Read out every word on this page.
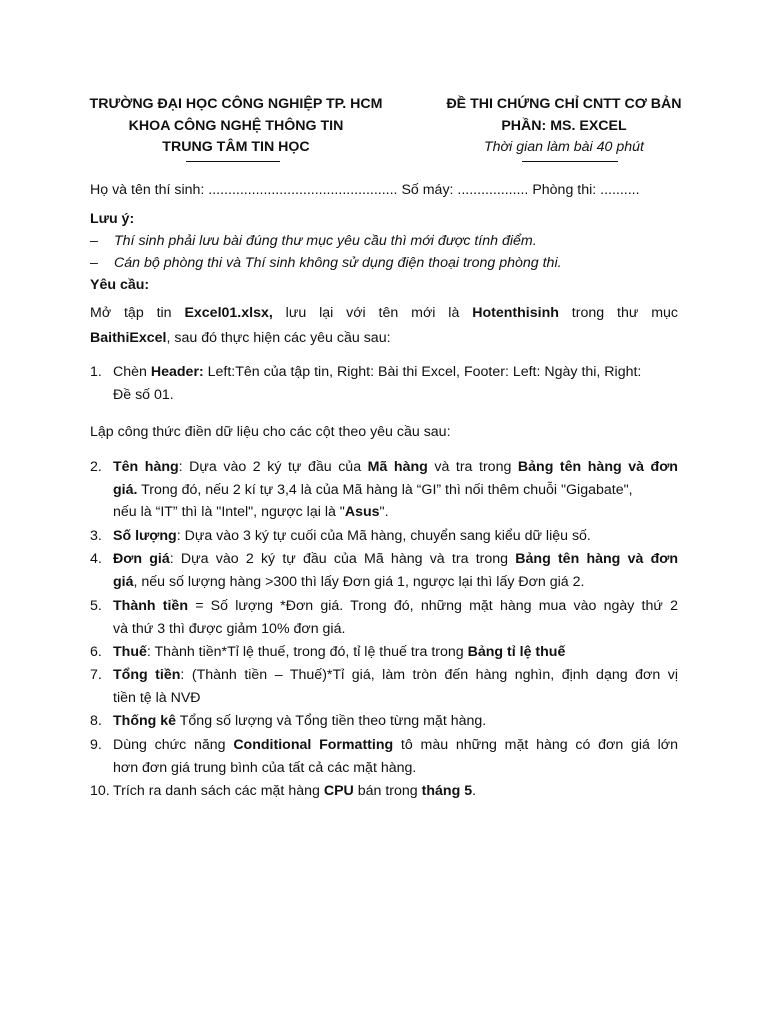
TRƯỜNG ĐẠI HỌC CÔNG NGHIỆP TP. HCM
KHOA CÔNG NGHỆ THÔNG TIN
TRUNG TÂM TIN HỌC
ĐỀ THI CHỨNG CHỈ CNTT CƠ BẢN
PHẦN: MS. EXCEL
Thời gian làm bài 40 phút
Họ và tên thí sinh: ................................................ Số máy: .................. Phòng thi: ..........
Lưu ý:
– Thí sinh phải lưu bài đúng thư mục yêu cầu thì mới được tính điểm.
– Cán bộ phòng thi và Thí sinh không sử dụng điện thoại trong phòng thi.
Yêu cầu:
Mở tập tin Excel01.xlsx, lưu lại với tên mới là Hotenthisinh trong thư mục
BaithiExcel, sau đó thực hiện các yêu cầu sau:
1. Chèn Header: Left:Tên của tập tin, Right: Bài thi Excel, Footer: Left: Ngày thi, Right:
Đề số 01.
Lập công thức điền dữ liệu cho các cột theo yêu cầu sau:
2. Tên hàng: Dựa vào 2 ký tự đầu của Mã hàng và tra trong Bảng tên hàng và đơn
giá. Trong đó, nếu 2 kí tự 3,4 là của Mã hàng là “GI” thì nối thêm chuỗi "Gigabate",
nếu là “IT” thì là "Intel", ngược lại là "Asus".
3. Số lượng: Dựa vào 3 ký tự cuối của Mã hàng, chuyển sang kiểu dữ liệu số.
4. Đơn giá: Dựa vào 2 ký tự đầu của Mã hàng và tra trong Bảng tên hàng và đơn
giá, nếu số lượng hàng >300 thì lấy Đơn giá 1, ngược lại thì lấy Đơn giá 2.
5. Thành tiền = Số lượng *Đơn giá. Trong đó, những mặt hàng mua vào ngày thứ 2
và thứ 3 thì được giảm 10% đơn giá.
6. Thuế: Thành tiền*Tỉ lệ thuế, trong đó, tỉ lệ thuế tra trong Bảng tỉ lệ thuế
7. Tổng tiền: (Thành tiền – Thuế)*Tỉ giá, làm tròn đến hàng nghìn, định dạng đơn vị
tiền tệ là NVĐ
8. Thống kê Tổng số lượng và Tổng tiền theo từng mặt hàng.
9. Dùng chức năng Conditional Formatting tô màu những mặt hàng có đơn giá lớn
hơn đơn giá trung bình của tất cả các mặt hàng.
10. Trích ra danh sách các mặt hàng CPU bán trong tháng 5.
